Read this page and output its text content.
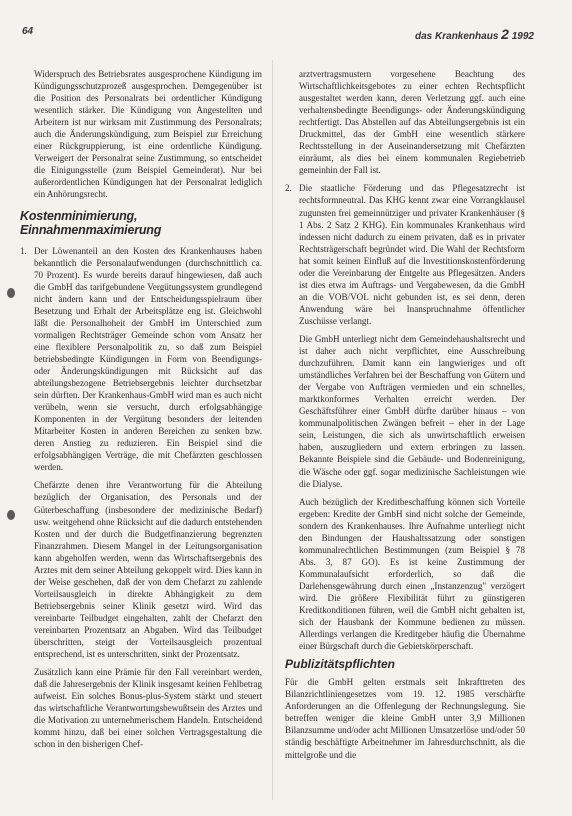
64	das Krankenhaus 2 1992

Widerspruch des Betriebsrates ausgesprochene Kündigung im Kündigungsschutzprozeß ausgesprochen. Demgegenüber ist die Position des Personalrats bei ordentlicher Kündigung wesentlich stärker. Die Kündigung von Angestellten und Arbeitern ist nur wirksam mit Zustimmung des Personalrats; auch die Änderungskündigung, zum Beispiel zur Erreichung einer Rückgruppierung, ist eine ordentliche Kündigung. Verweigert der Personalrat seine Zustimmung, so entscheidet die Einigungsstelle (zum Beispiel Gemeinderat). Nur bei außerordentlichen Kündigungen hat der Personalrat lediglich ein Anhörungsrecht.

Kostenminimierung, Einnahmenmaximierung
1. Der Löwenanteil an den Kosten des Krankenhauses haben bekanntlich die Personalaufwendungen (durchschnittlich ca. 70 Prozent). Es wurde bereits darauf hingewiesen, daß auch die GmbH das tarifgebundene Vergütungssystem grundlegend nicht ändern kann und der Entscheidungsspielraum über Besetzung und Erhalt der Arbeitsplätze eng ist. Gleichwohl läßt die Personalhoheit der GmbH im Unterschied zum vormaligen Rechtsträger Gemeinde schon vom Ansatz her eine flexiblere Personalpolitik zu, so daß zum Beispiel betriebsbedingte Kündigungen in Form von Beendigungs- oder Änderungskündigungen mit Rücksicht auf das abteilungsbezogene Betriebsergebnis leichter durchsetzbar sein dürften. Der Krankenhaus-GmbH wird man es auch nicht verübeln, wenn sie versucht, durch erfolgsabhängige Komponenten in der Vergütung besonders der leitenden Mitarbeiter Kosten in anderen Bereichen zu senken bzw. deren Anstieg zu reduzieren. Ein Beispiel sind die erfolgsabhängigen Verträge, die mit Chefärzten geschlossen werden.

Chefärzte denen ihre Verantwortung für die Abteilung bezüglich der Organisation, des Personals und der Güterbeschaffung (insbesondere der medizinische Bedarf) usw. weitgehend ohne Rücksicht auf die dadurch entstehenden Kosten und der durch die Budgetfinanzierung begrenzten Finanzrahmen. Diesem Mangel in der Leitungsorganisation kann abgeholfen werden, wenn das Wirtschaftsergebnis des Arztes mit dem seiner Abteilung gekoppelt wird. Dies kann in der Weise geschehen, daß der von dem Chefarzt zu zahlende Vorteilsausgleich in direkte Abhängigkeit zu dem Betriebsergebnis seiner Klinik gesetzt wird. Wird das vereinbarte Teilbudget eingehalten, zahlt der Chefarzt den vereinbarten Prozentsatz an Abgaben. Wird das Teilbudget überschritten, steigt der Vorteilsausgleich prozentual entsprechend, ist es unterschritten, sinkt der Prozentsatz.

Zusätzlich kann eine Prämie für den Fall vereinbart werden, daß die Jahresergebnis der Klinik insgesamt keinen Fehlbetrag aufweist. Ein solches Bonus-plus-System stärkt und steuert das wirtschaftliche Verantwortungsbewußtsein des Arztes und die Motivation zu unternehmerischem Handeln. Entscheidend kommt hinzu, daß bei einer solchen Vertragsgestaltung die schon in den bisherigen Chef-

arztvertragsmustern vorgesehene Beachtung des Wirtschaftlichkeitsgebotes zu einer echten Rechtspflicht ausgestaltet werden kann, deren Verletzung ggf. auch eine verhaltensbedingte Beendigungs- oder Änderungskündigung rechtfertigt. Das Abstellen auf das Abteilungsergebnis ist ein Druckmittel, das der GmbH eine wesentlich stärkere Rechtsstellung in der Auseinandersetzung mit Chefärzten einräumt, als dies bei einem kommunalen Regiebetrieb gemeinhin der Fall ist.

2. Die staatliche Förderung und das Pflegesatzrecht ist rechtsformneutral. Das KHG kennt zwar eine Vorrangklausel zugunsten frei gemeinnütziger und privater Krankenhäuser (§ 1 Abs. 2 Satz 2 KHG). Ein kommunales Krankenhaus wird indessen nicht dadurch zu einem privaten, daß es in privater Rechtsträgerschaft begründet wird. Die Wahl der Rechtsform hat somit keinen Einfluß auf die Investitionskostenförderung oder die Vereinbarung der Entgelte aus Pflegesätzen. Anders ist dies etwa im Auftrags- und Vergabewesen, da die GmbH an die VOB/VOL nicht gebunden ist, es sei denn, deren Anwendung wäre bei Inanspruchnahme öffentlicher Zuschüsse verlangt.

Die GmbH unterliegt nicht dem Gemeindehaushaltsrecht und ist daher auch nicht verpflichtet, eine Ausschreibung durchzuführen. Damit kann ein langwieriges und oft umständliches Verfahren bei der Beschaffung von Gütern und der Vergabe von Aufträgen vermieden und ein schnelles, marktkonformes Verhalten erreicht werden. Der Geschäftsführer einer GmbH dürfte darüber hinaus – von kommunalpolitischen Zwängen befreit – eher in der Lage sein, Leistungen, die sich als unwirtschaftlich erweisen haben, auszugliedern und extern erbringen zu lassen. Bekannte Beispiele sind die Gebäude- und Bodenreinigung, die Wäsche oder ggf. sogar medizinische Sachleistungen wie die Dialyse.

Auch bezüglich der Kreditbeschaffung können sich Vorteile ergeben: Kredite der GmbH sind nicht solche der Gemeinde, sondern des Krankenhauses. Ihre Aufnahme unterliegt nicht den Bindungen der Haushaltssatzung oder sonstigen kommunalrechtlichen Bestimmungen (zum Beispiel § 78 Abs. 3, 87 GO). Es ist keine Zustimmung der Kommunalaufsicht erforderlich, so daß die Darlehensgewährung durch einen „Instanzenzug" verzögert wird. Die größere Flexibilität führt zu günstigeren Kreditkonditionen führen, weil die GmbH nicht gehalten ist, sich der Hausbank der Kommune bedienen zu müssen. Allerdings verlangen die Kreditgeber häufig die Übernahme einer Bürgschaft durch die Gebietskörperschaft.

Publizitätspflichten

Für die GmbH gelten erstmals seit Inkrafttreten des Bilanzrichtliniengesetzes vom 19. 12. 1985 verschärfte Anforderungen an die Offenlegung der Rechnungslegung. Sie betreffen weniger die kleine GmbH unter 3,9 Millionen Bilanzsumme und/oder acht Millionen Umsatzerlöse und/oder 50 ständig beschäftigte Arbeitnehmer im Jahresdurchschnitt, als die mittelgroße und die
